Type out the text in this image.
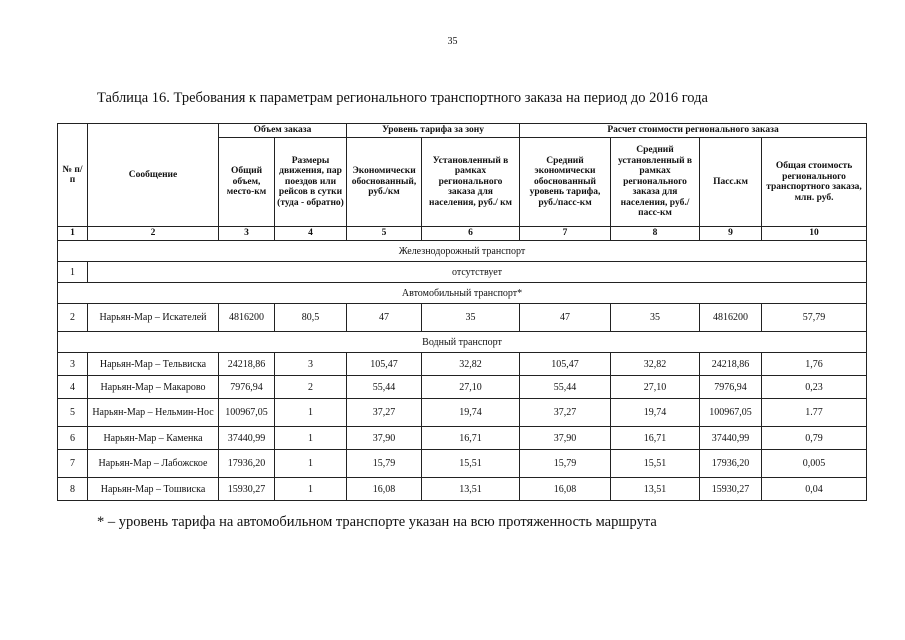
35
Таблица 16. Требования к параметрам регионального транспортного заказа на период до 2016 года
№ п/п	Сообщение	Объем заказа		Уровень тарифа за зону		Расчет стоимости регионального заказа			
		Общий объем, место-км	Размеры движения, пар поездов или рейсов в сутки (туда - обратно)	Экономически обоснованный, руб./км	Установленный в рамках регионального заказа для населения, руб./ км	Средний экономически обоснованный уровень тарифа, руб./пасс-км	Средний установленный в рамках регионального заказа для населения, руб./пасс-км	Пасс.км	Общая стоимость регионального транспортного заказа, млн. руб.
1	2	3	4	5	6	7	8	9	10
Железнодорожный транспорт									
1	отсутствует								
Автомобильный транспорт*									
2	Нарьян-Мар – Искателей	4816200	80,5	47	35	47	35	4816200	57,79
Водный транспорт									
3	Нарьян-Мар – Тельвиска	24218,86	3	105,47	32,82	105,47	32,82	24218,86	1,76
4	Нарьян-Мар – Макарово	7976,94	2	55,44	27,10	55,44	27,10	7976,94	0,23
5	Нарьян-Мар – Нельмин-Нос	100967,05	1	37,27	19,74	37,27	19,74	100967,05	1.77
6	Нарьян-Мар – Каменка	37440,99	1	37,90	16,71	37,90	16,71	37440,99	0,79
7	Нарьян-Мар – Лабожское	17936,20	1	15,79	15,51	15,79	15,51	17936,20	0,005
8	Нарьян-Мар – Тошвиска	15930,27	1	16,08	13,51	16,08	13,51	15930,27	0,04
* – уровень тарифа на автомобильном транспорте указан на всю протяженность маршрута
